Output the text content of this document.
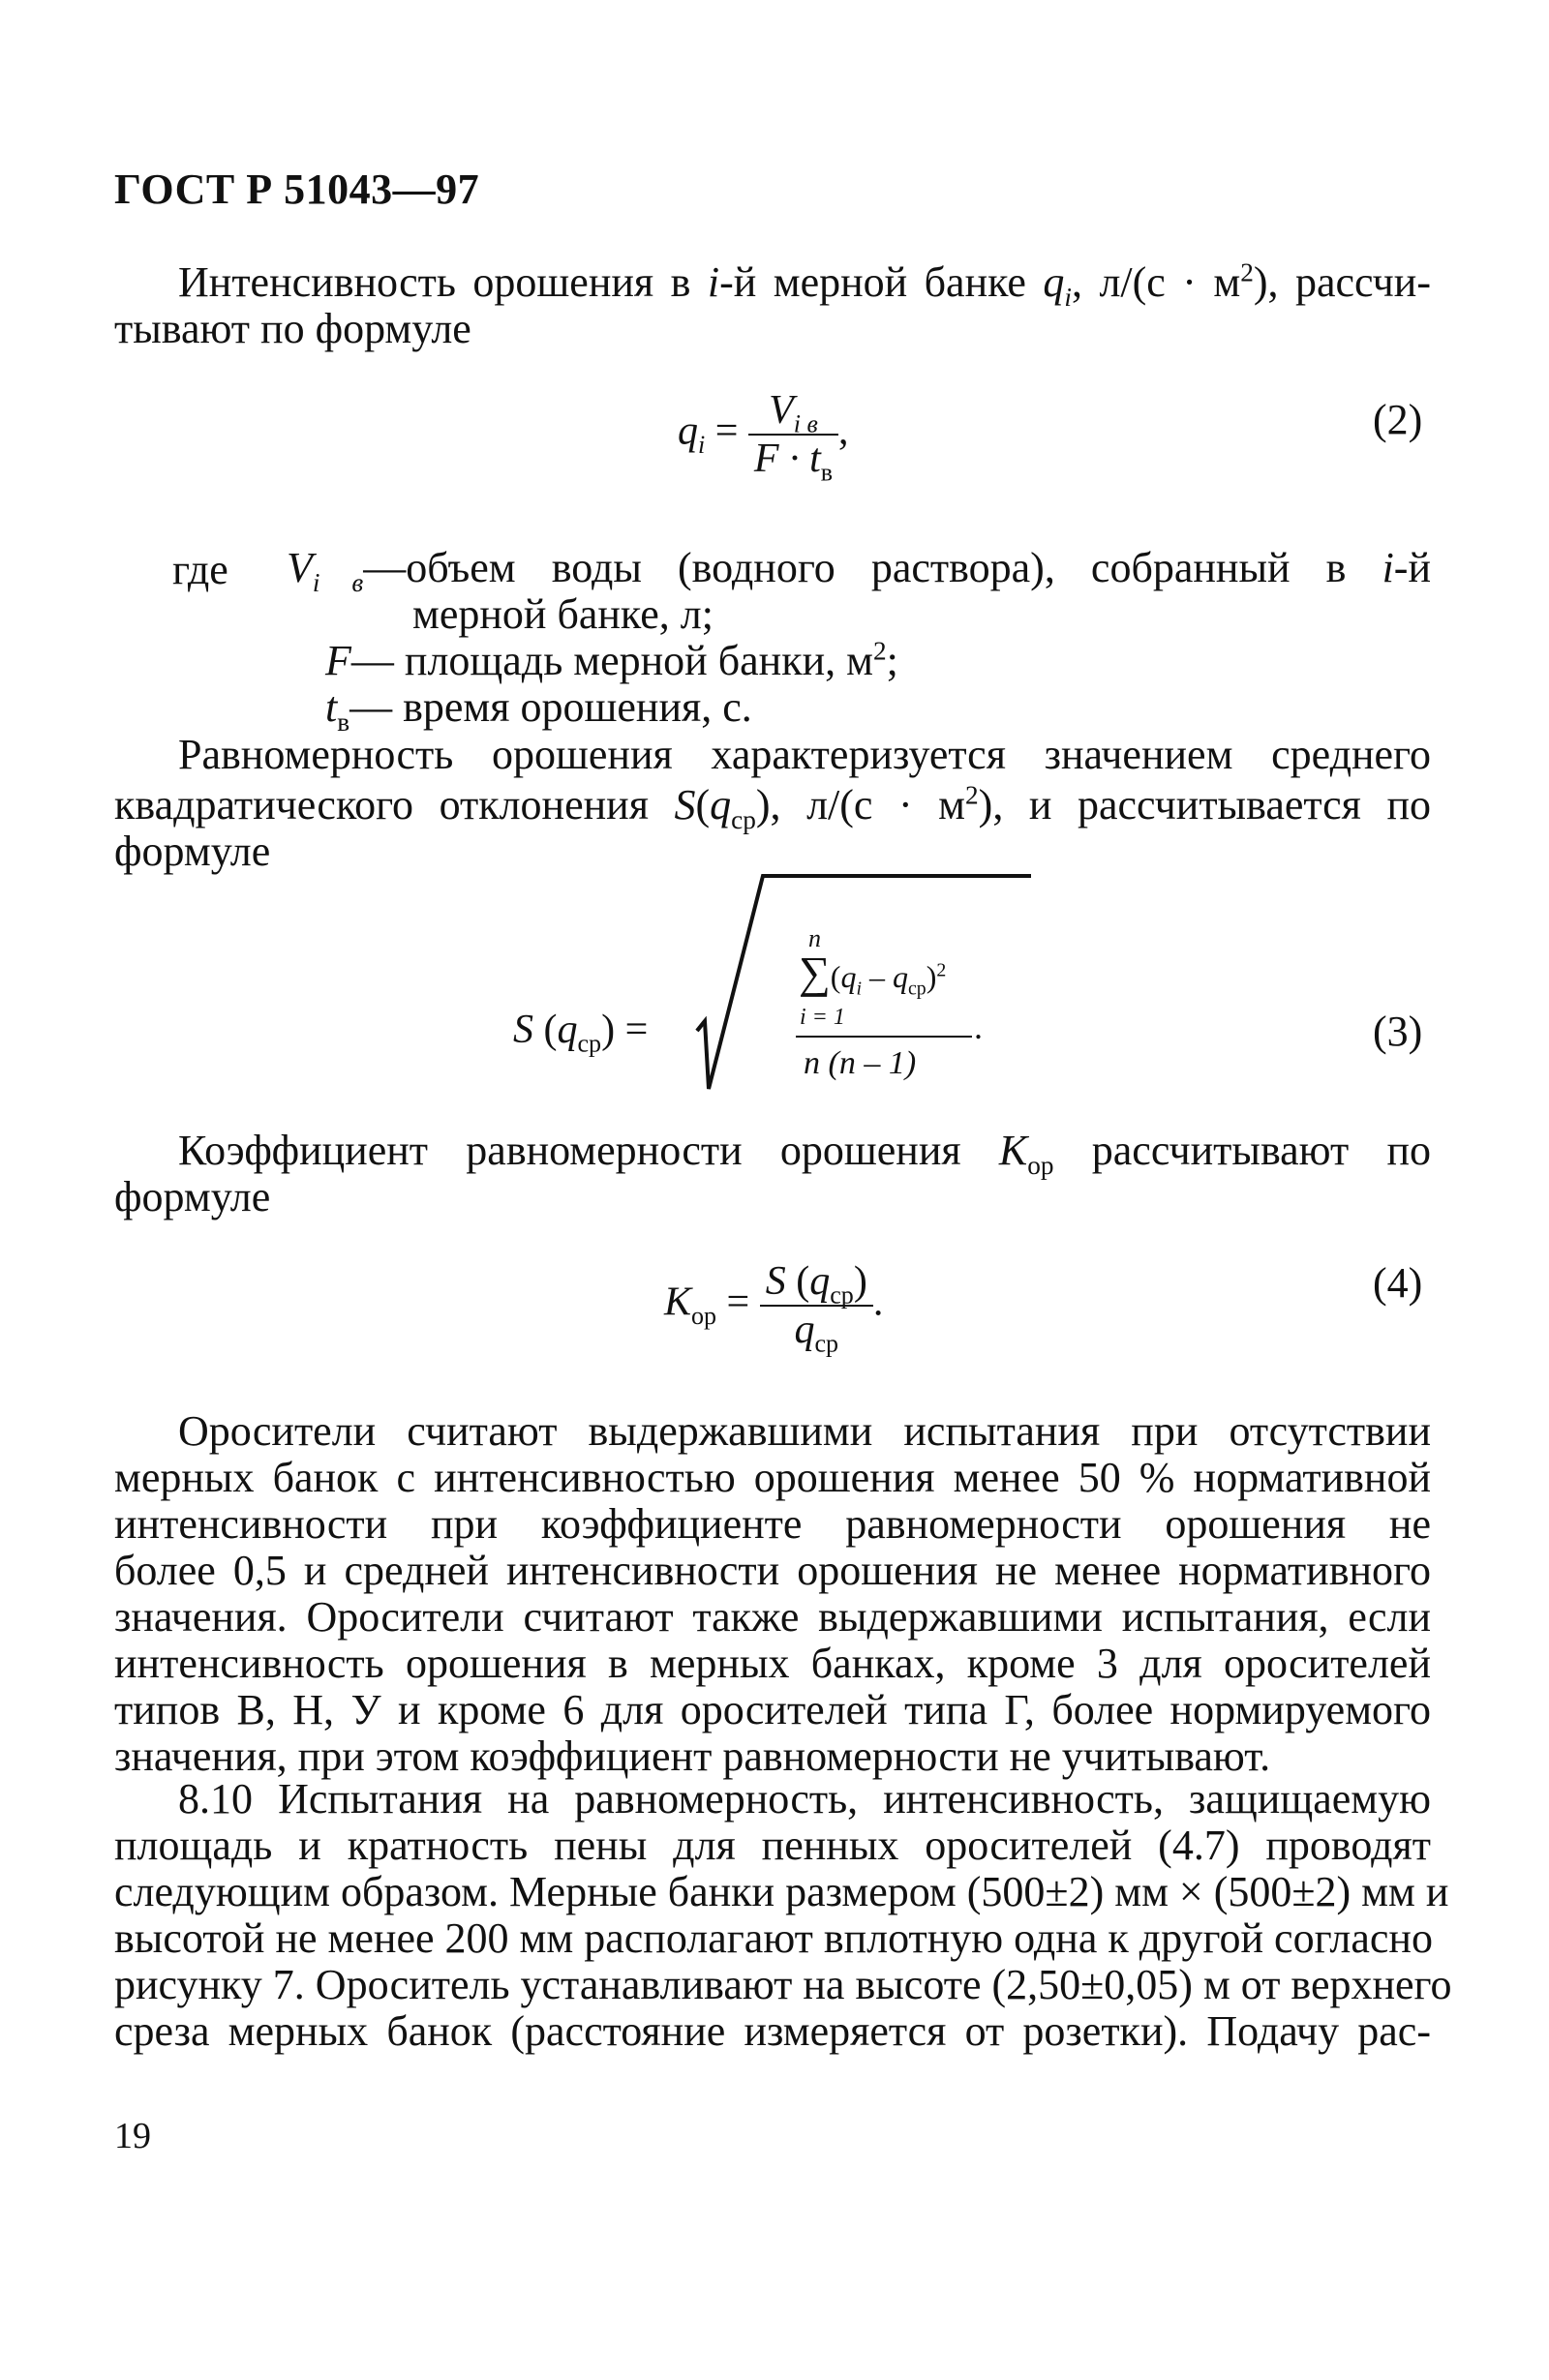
ГОСТ Р 51043—97
Интенсивность орошения в i-й мерной банке $q_i$, $л/(с \cdot м^2)$, рассчи-
тывают по формуле
$q_i = \frac{V_{i в}}{F \cdot t_в}$ ,	(2)
где $V_{i в}—объем$ воды (водного раствора), собранный в i-й
мерной банке, л;
F— площадь мерной банки, $м^2$;
$t_в—$ время орошения, с.
Равномерность орошения характеризуется значением среднего
квадратического отклонения $S(q_{ср})$, $л/(с \cdot м^2)$, и рассчитывается по
формуле
S $(q_{ср})$ =
n
$\sum(q_i - q_{ср})^2$
i = 1	.
n (n – 1)
(3)
Коэффициент равномерности орошения $K_{ор}$ рассчитывают по
формуле
$K_{ор} = \frac{S (q_{ср})}{q_{ср}}$ .	(4)
Оросители считают выдержавшими испытания при отсутствии
мерных банок с интенсивностью орошения менее 50 % нормативной
интенсивности при коэффициенте равномерности орошения не
более 0,5 и средней интенсивности орошения не менее нормативного
значения. Оросители считают также выдержавшими испытания, если
интенсивность орошения в мерных банках, кроме 3 для оросителей
типов В, Н, У и кроме 6 для оросителей типа Г, более нормируемого
значения, при этом коэффициент равномерности не учитывают.
8.10 Испытания на равномерность, интенсивность, защищаемую
площадь и кратность пены для пенных оросителей (4.7) проводят
следующим образом. Мерные банки размером (500±2) мм × (500±2) мм и
высотой не менее 200 мм располагают вплотную одна к другой согласно
рисунку 7. Ороситель устанавливают на высоте (2,50±0,05) м от верхнего
среза мерных банок (расстояние измеряется от розетки). Подачу рас-
19
